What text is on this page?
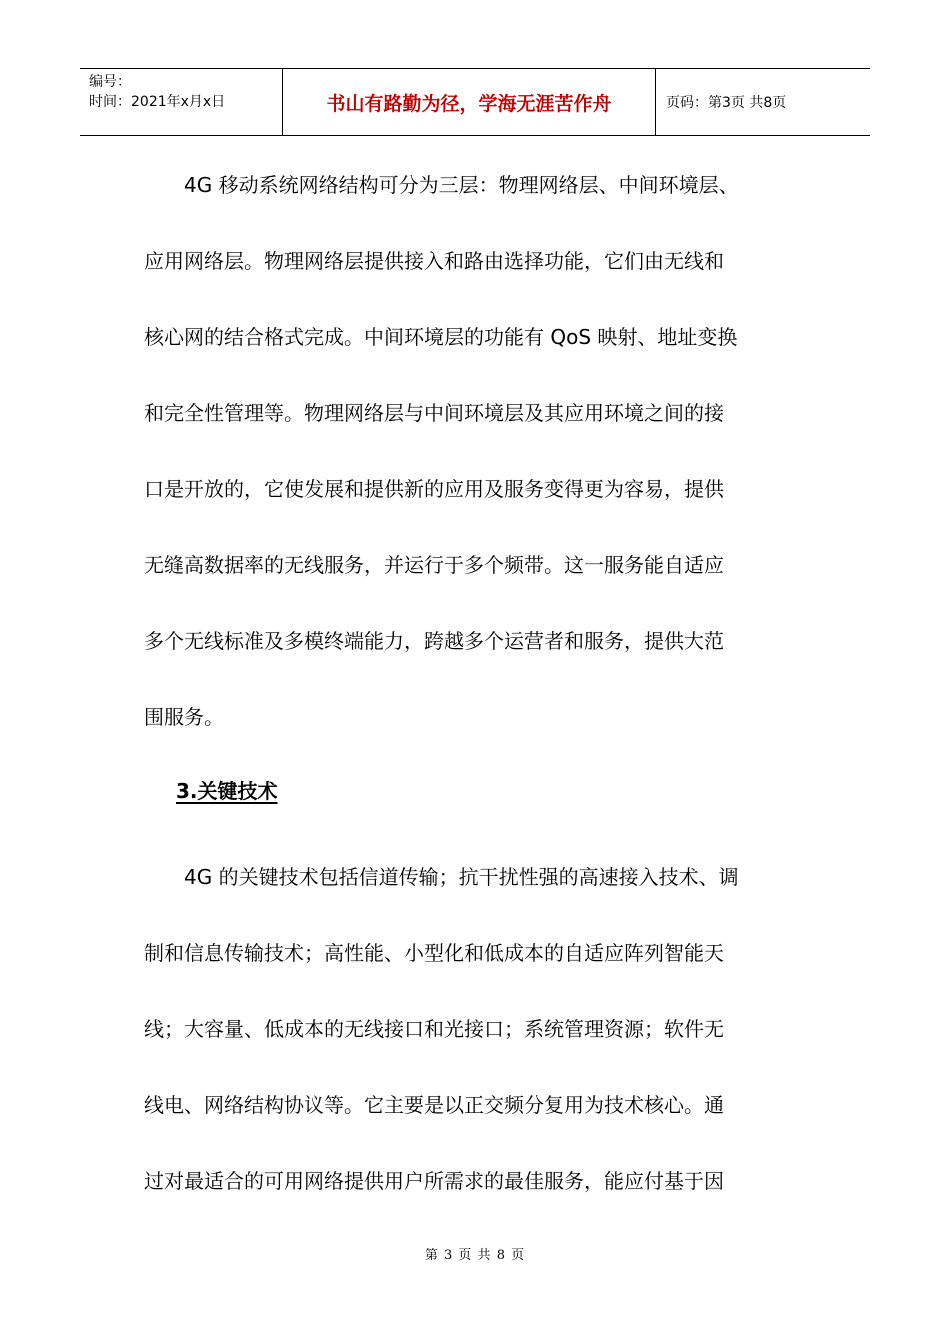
编号：
时间： 2021年x月x日	书山有路勤为径，学海无涯苦作舟	页码： 第3页 共8页
4G 移动系统网络结构可分为三层：物理网络层、中间环境层、
应用网络层。物理网络层提供接入和路由选择功能，它们由无线和
核心网的结合格式完成。中间环境层的功能有 QoS 映射、地址变换
和完全性管理等。物理网络层与中间环境层及其应用环境之间的接
口是开放的，它使发展和提供新的应用及服务变得更为容易，提供
无缝高数据率的无线服务，并运行于多个频带。这一服务能自适应
多个无线标准及多模终端能力，跨越多个运营者和服务，提供大范
围服务。
3.关键技术
4G 的关键技术包括信道传输；抗干扰性强的高速接入技术、调
制和信息传输技术；高性能、小型化和低成本的自适应阵列智能天
线；大容量、低成本的无线接口和光接口；系统管理资源；软件无
线电、网络结构协议等。它主要是以正交频分复用为技术核心。通
过对最适合的可用网络提供用户所需求的最佳服务，能应付基于因
第 3 页 共 8 页
